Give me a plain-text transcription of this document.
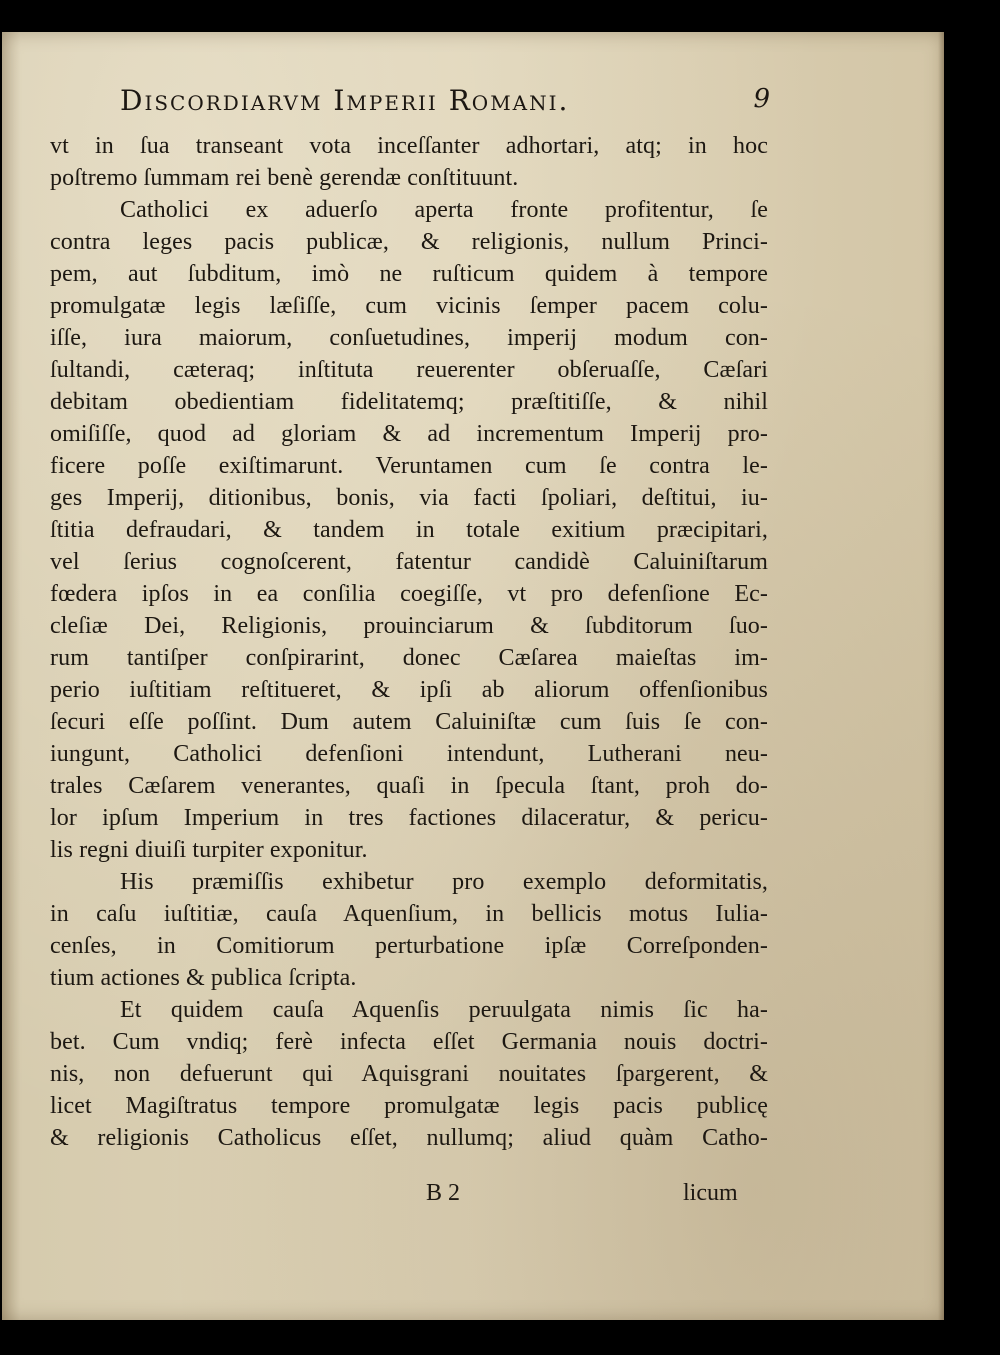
Discordiarvm Imperii Romani.	9
vt in ſua transeant vota inceſſanter adhortari, atq; in hoc
poſtremo ſummam rei benè gerendæ conſtituunt.
Catholici ex aduerſo aperta fronte profitentur, ſe
contra leges pacis publicæ, & religionis, nullum Princi-
pem, aut ſubditum, imò ne ruſticum quidem à tempore
promulgatæ legis læſiſſe, cum vicinis ſemper pacem colu-
iſſe, iura maiorum, conſuetudines, imperij modum con-
ſultandi, cæteraq; inſtituta reuerenter obſeruaſſe, Cæſari
debitam obedientiam fidelitatemq; præſtitiſſe, & nihil
omiſiſſe, quod ad gloriam & ad incrementum Imperij pro-
ficere poſſe exiſtimarunt. Veruntamen cum ſe contra le-
ges Imperij, ditionibus, bonis, via facti ſpoliari, deſtitui, iu-
ſtitia defraudari, & tandem in totale exitium præcipitari,
vel ſerius cognoſcerent, fatentur candidè Caluiniſtarum
fœdera ipſos in ea conſilia coegiſſe, vt pro defenſione Ec-
cleſiæ Dei, Religionis, prouinciarum & ſubditorum ſuo-
rum tantiſper conſpirarint, donec Cæſarea maieſtas im-
perio iuſtitiam reſtitueret, & ipſi ab aliorum offenſionibus
ſecuri eſſe poſſint. Dum autem Caluiniſtæ cum ſuis ſe con-
iungunt, Catholici defenſioni intendunt, Lutherani neu-
trales Cæſarem venerantes, quaſi in ſpecula ſtant, proh do-
lor ipſum Imperium in tres factiones dilaceratur, & pericu-
lis regni diuiſi turpiter exponitur.
His præmiſſis exhibetur pro exemplo deformitatis,
in caſu iuſtitiæ, cauſa Aquenſium, in bellicis motus Iulia-
cenſes, in Comitiorum perturbatione ipſæ Correſponden-
tium actiones & publica ſcripta.
Et quidem cauſa Aquenſis peruulgata nimis ſic ha-
bet. Cum vndiq; ferè infecta eſſet Germania nouis doctri-
nis, non defuerunt qui Aquisgrani nouitates ſpargerent, &
licet Magiſtratus tempore promulgatæ legis pacis publicę
& religionis Catholicus eſſet, nullumq; aliud quàm Catho-
B 2	licum
